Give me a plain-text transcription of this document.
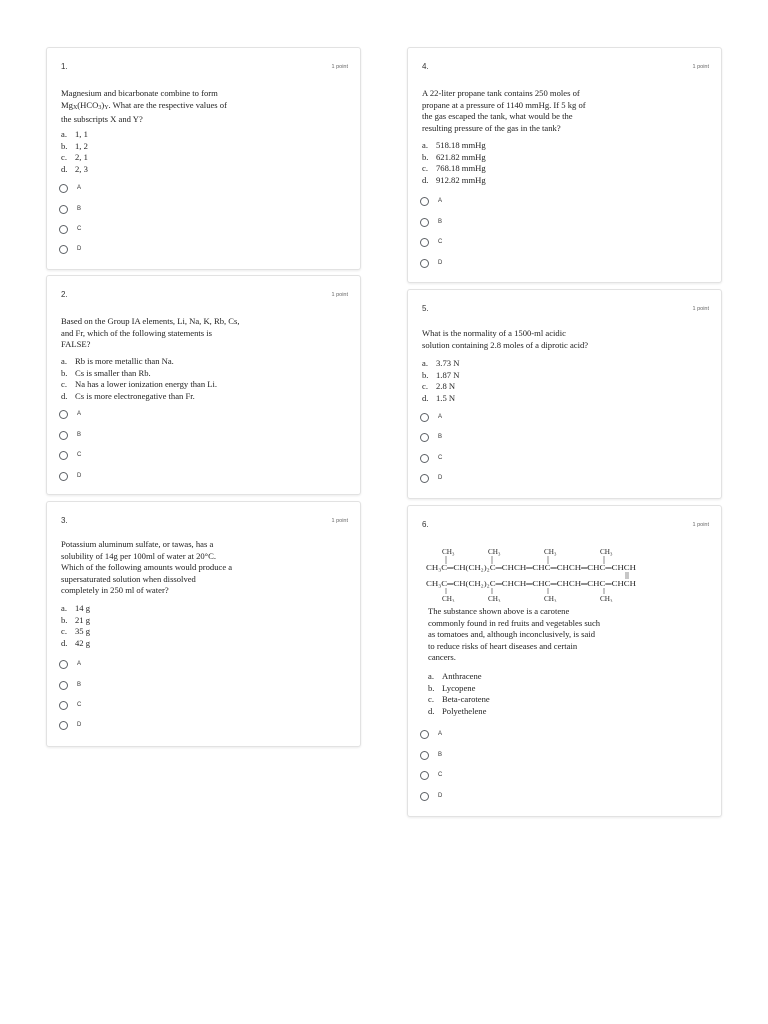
1.	1 point
Magnesium and bicarbonate combine to form
MgX(HCO3)Y. What are the respective values of
the subscripts X and Y?
a. 1, 1
b. 1, 2
c. 2, 1
d. 2, 3
A
B
C
D
2.	1 point
Based on the Group IA elements, Li, Na, K, Rb, Cs,
and Fr, which of the following statements is
FALSE?
a. Rb is more metallic than Na.
b. Cs is smaller than Rb.
c. Na has a lower ionization energy than Li.
d. Cs is more electronegative than Fr.
A
B
C
D
3.	1 point
Potassium aluminum sulfate, or tawas, has a
solubility of 14g per 100ml of water at 20°C.
Which of the following amounts would produce a
supersaturated solution when dissolved
completely in 250 ml of water?
a. 14 g
b. 21 g
c. 35 g
d. 42 g
A
B
C
D
4.	1 point
A 22-liter propane tank contains 250 moles of
propane at a pressure of 1140 mmHg. If 5 kg of
the gas escaped the tank, what would be the
resulting pressure of the gas in the tank?
a. 518.18 mmHg
b. 621.82 mmHg
c. 768.18 mmHg
d. 912.82 mmHg
A
B
C
D
5.	1 point
What is the normality of a 1500-ml acidic
solution containing 2.8 moles of a diprotic acid?
a. 3.73 N
b. 1.87 N
c. 2.8 N
d. 1.5 N
A
B
C
D
6.	1 point
CH₃	CH₃	CH₃	CH₃
CH₃C═CH(CH₂)₂C═CHCH═CHC═CHCH═CHC═CHCH
CH₃C═CH(CH₂)₂C═CHCH═CHC═CHCH═CHC═CHCH
CH₃	CH₃	CH₃	CH₃
The substance shown above is a carotene
commonly found in red fruits and vegetables such
as tomatoes and, although inconclusively, is said
to reduce risks of heart diseases and certain
cancers.
a. Anthracene
b. Lycopene
c. Beta-carotene
d. Polyethelene
A
B
C
D
